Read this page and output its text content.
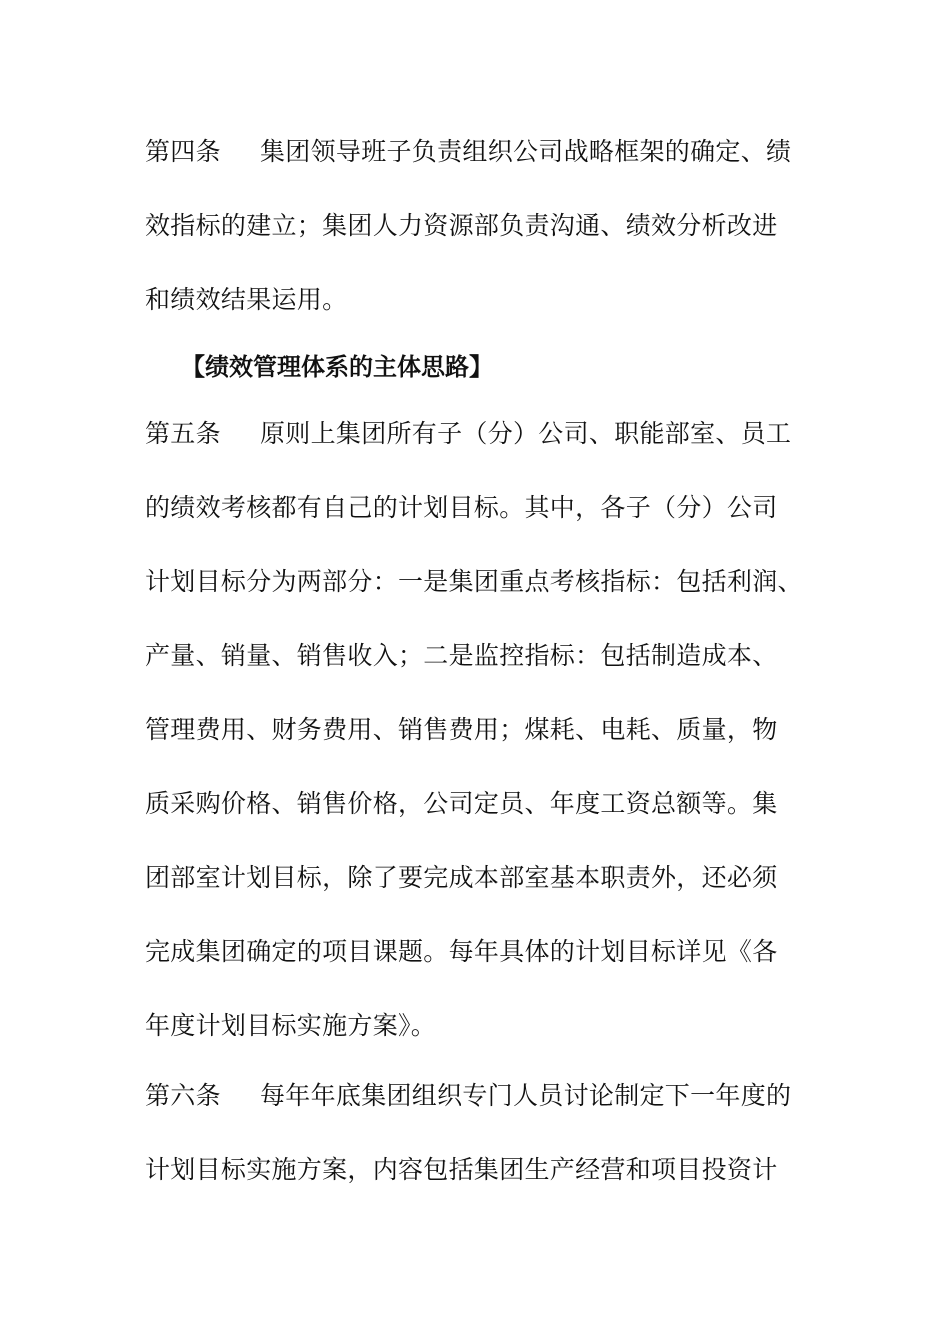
第四条 集团领导班子负责组织公司战略框架的确定、绩
效指标的建立；集团人力资源部负责沟通、绩效分析改进
和绩效结果运用。
【绩效管理体系的主体思路】
第五条 原则上集团所有子（分）公司、职能部室、员工
的绩效考核都有自己的计划目标。其中，各子（分）公司
计划目标分为两部分：一是集团重点考核指标：包括利润、
产量、销量、销售收入；二是监控指标：包括制造成本、
管理费用、财务费用、销售费用；煤耗、电耗、质量，物
质采购价格、销售价格，公司定员、年度工资总额等。集
团部室计划目标，除了要完成本部室基本职责外，还必须
完成集团确定的项目课题。每年具体的计划目标详见《各
年度计划目标实施方案》。
第六条 每年年底集团组织专门人员讨论制定下一年度的
计划目标实施方案，内容包括集团生产经营和项目投资计
